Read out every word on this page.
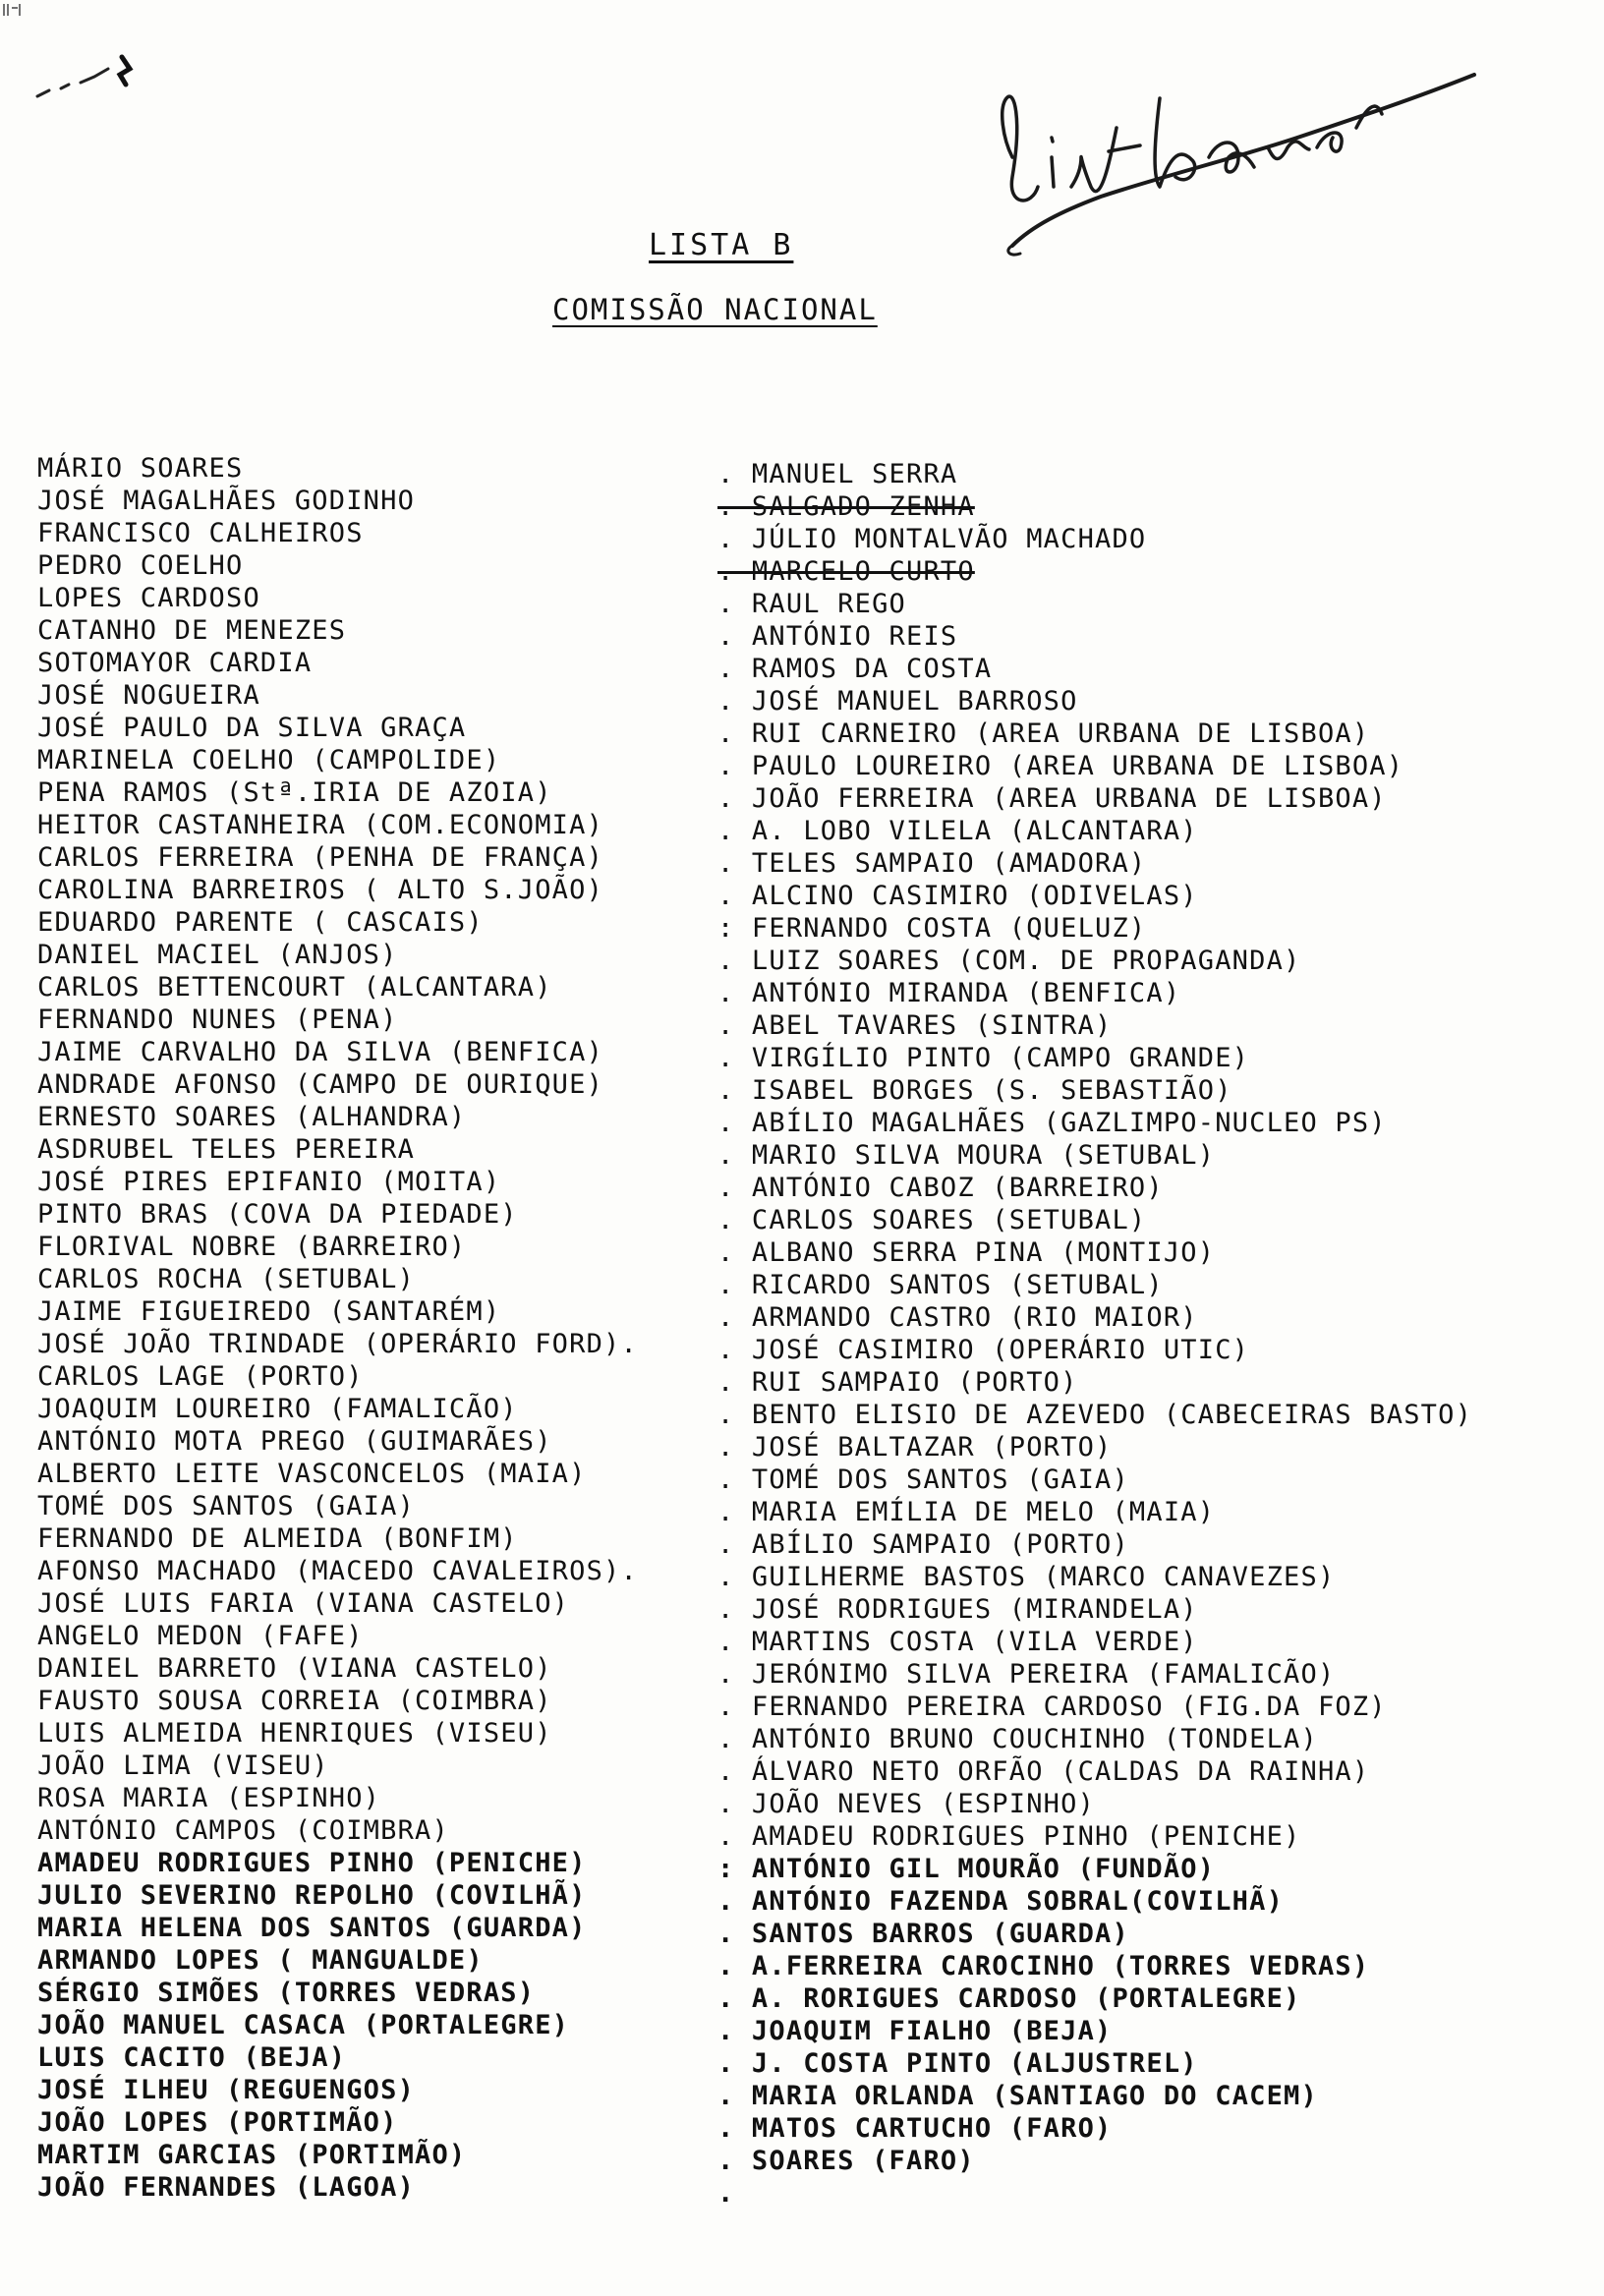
LISTA B
COMISSÃO NACIONAL
MÁRIO SOARES
JOSÉ MAGALHÃES GODINHO
FRANCISCO CALHEIROS
PEDRO COELHO
LOPES CARDOSO
CATANHO DE MENEZES
SOTOMAYOR CARDIA
JOSÉ NOGUEIRA
JOSÉ PAULO DA SILVA GRAÇA
MARINELA COELHO (CAMPOLIDE)
PENA RAMOS (Stª.IRIA DE AZOIA)
HEITOR CASTANHEIRA (COM.ECONOMIA)
CARLOS FERREIRA (PENHA DE FRANÇA)
CAROLINA BARREIROS ( ALTO S.JOÃO)
EDUARDO PARENTE ( CASCAIS)
DANIEL MACIEL (ANJOS)
CARLOS BETTENCOURT (ALCANTARA)
FERNANDO NUNES (PENA)
JAIME CARVALHO DA SILVA (BENFICA)
ANDRADE AFONSO (CAMPO DE OURIQUE)
ERNESTO SOARES (ALHANDRA)
ASDRUBEL TELES PEREIRA
JOSÉ PIRES EPIFANIO (MOITA)
PINTO BRAS (COVA DA PIEDADE)
FLORIVAL NOBRE (BARREIRO)
CARLOS ROCHA (SETUBAL)
JAIME FIGUEIREDO (SANTARÉM)
JOSÉ JOÃO TRINDADE (OPERÁRIO FORD).
CARLOS LAGE (PORTO)
JOAQUIM LOUREIRO (FAMALICÃO)
ANTÓNIO MOTA PREGO (GUIMARÃES)
ALBERTO LEITE VASCONCELOS (MAIA)
TOMÉ DOS SANTOS (GAIA)
FERNANDO DE ALMEIDA (BONFIM)
AFONSO MACHADO (MACEDO CAVALEIROS).
JOSÉ LUIS FARIA (VIANA CASTELO)
ANGELO MEDON (FAFE)
DANIEL BARRETO (VIANA CASTELO)
FAUSTO SOUSA CORREIA (COIMBRA)
LUIS ALMEIDA HENRIQUES (VISEU)
JOÃO LIMA (VISEU)
ROSA MARIA (ESPINHO)
ANTÓNIO CAMPOS (COIMBRA)
AMADEU RODRIGUES PINHO (PENICHE)
JULIO SEVERINO REPOLHO (COVILHÃ)
MARIA HELENA DOS SANTOS (GUARDA)
ARMANDO LOPES ( MANGUALDE)
SÉRGIO SIMÕES (TORRES VEDRAS)
JOÃO MANUEL CASACA (PORTALEGRE)
LUIS CACITO (BEJA)
JOSÉ ILHEU (REGUENGOS)
JOÃO LOPES (PORTIMÃO)
MARTIM GARCIAS (PORTIMÃO)
JOÃO FERNANDES (LAGOA)
. MANUEL SERRA
. SALGADO ZENHA
. JÚLIO MONTALVÃO MACHADO
. MARCELO CURTO
. RAUL REGO
. ANTÓNIO REIS
. RAMOS DA COSTA
. JOSÉ MANUEL BARROSO
. RUI CARNEIRO (AREA URBANA DE LISBOA)
. PAULO LOUREIRO (AREA URBANA DE LISBOA)
. JOÃO FERREIRA (AREA URBANA DE LISBOA)
. A. LOBO VILELA (ALCANTARA)
. TELES SAMPAIO (AMADORA)
. ALCINO CASIMIRO (ODIVELAS)
: FERNANDO COSTA (QUELUZ)
. LUIZ SOARES (COM. DE PROPAGANDA)
. ANTÓNIO MIRANDA (BENFICA)
. ABEL TAVARES (SINTRA)
. VIRGÍLIO PINTO (CAMPO GRANDE)
. ISABEL BORGES (S. SEBASTIÃO)
. ABÍLIO MAGALHÃES (GAZLIMPO-NUCLEO PS)
. MARIO SILVA MOURA (SETUBAL)
. ANTÓNIO CABOZ (BARREIRO)
. CARLOS SOARES (SETUBAL)
. ALBANO SERRA PINA (MONTIJO)
. RICARDO SANTOS (SETUBAL)
. ARMANDO CASTRO (RIO MAIOR)
. JOSÉ CASIMIRO (OPERÁRIO UTIC)
. RUI SAMPAIO (PORTO)
. BENTO ELISIO DE AZEVEDO (CABECEIRAS BASTO)
. JOSÉ BALTAZAR (PORTO)
. TOMÉ DOS SANTOS (GAIA)
. MARIA EMÍLIA DE MELO (MAIA)
. ABÍLIO SAMPAIO (PORTO)
. GUILHERME BASTOS (MARCO CANAVEZES)
. JOSÉ RODRIGUES (MIRANDELA)
. MARTINS COSTA (VILA VERDE)
. JERÓNIMO SILVA PEREIRA (FAMALICÃO)
. FERNANDO PEREIRA CARDOSO (FIG.DA FOZ)
. ANTÓNIO BRUNO COUCHINHO (TONDELA)
. ÁLVARO NETO ORFÃO (CALDAS DA RAINHA)
. JOÃO NEVES (ESPINHO)
. AMADEU RODRIGUES PINHO (PENICHE)
: ANTÓNIO GIL MOURÃO (FUNDÃO)
. ANTÓNIO FAZENDA SOBRAL(COVILHÃ)
. SANTOS BARROS (GUARDA)
. A.FERREIRA CAROCINHO (TORRES VEDRAS)
. A. RORIGUES CARDOSO (PORTALEGRE)
. JOAQUIM FIALHO (BEJA)
. J. COSTA PINTO (ALJUSTREL)
. MARIA ORLANDA (SANTIAGO DO CACEM)
. MATOS CARTUCHO (FARO)
. SOARES (FARO)
.
